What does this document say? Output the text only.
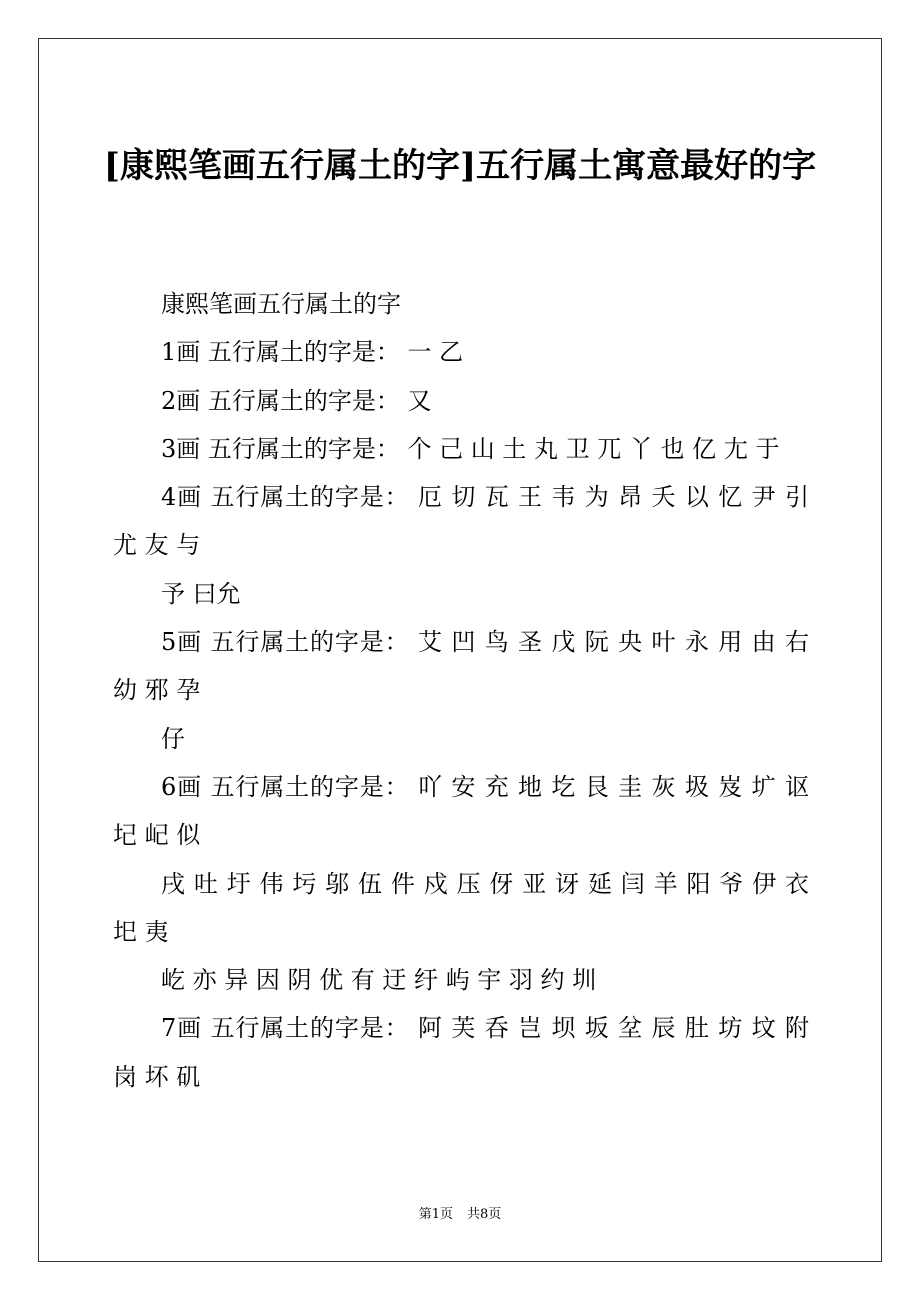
[康熙笔画五行属土的字]五行属土寓意最好的字

康熙笔画五行属土的字

1画 五行属土的字是： 一 乙

2画 五行属土的字是： 又

3画 五行属土的字是： 个 己 山 土 丸 卫 兀 丫 也 亿 尢 于

4画 五行属土的字是： 厄 切 瓦 王 韦 为 昂 夭 以 忆 尹 引 尤 友 与

予 曰允

5画 五行属土的字是： 艾 凹 鸟 圣 戊 阮 央 叶 永 用 由 右 幼 邪 孕

仔

6画 五行属土的字是： 吖 安 充 地 圪 艮 圭 灰 圾 岌 圹 讴 圮 屺 似

戌 吐 圩 伟 圬 邬 伍 件 戍 压 伢 亚 讶 延 闫 羊 阳 爷 伊 衣 圯 夷

屹 亦 异 因 阴 优 有 迂 纡 屿 宇 羽 约 圳

7画 五行属土的字是： 阿 芙 呑 岂 坝 坂 坌 辰 肚 坊 坟 附 岗 坏 矶

第1页 共8页
